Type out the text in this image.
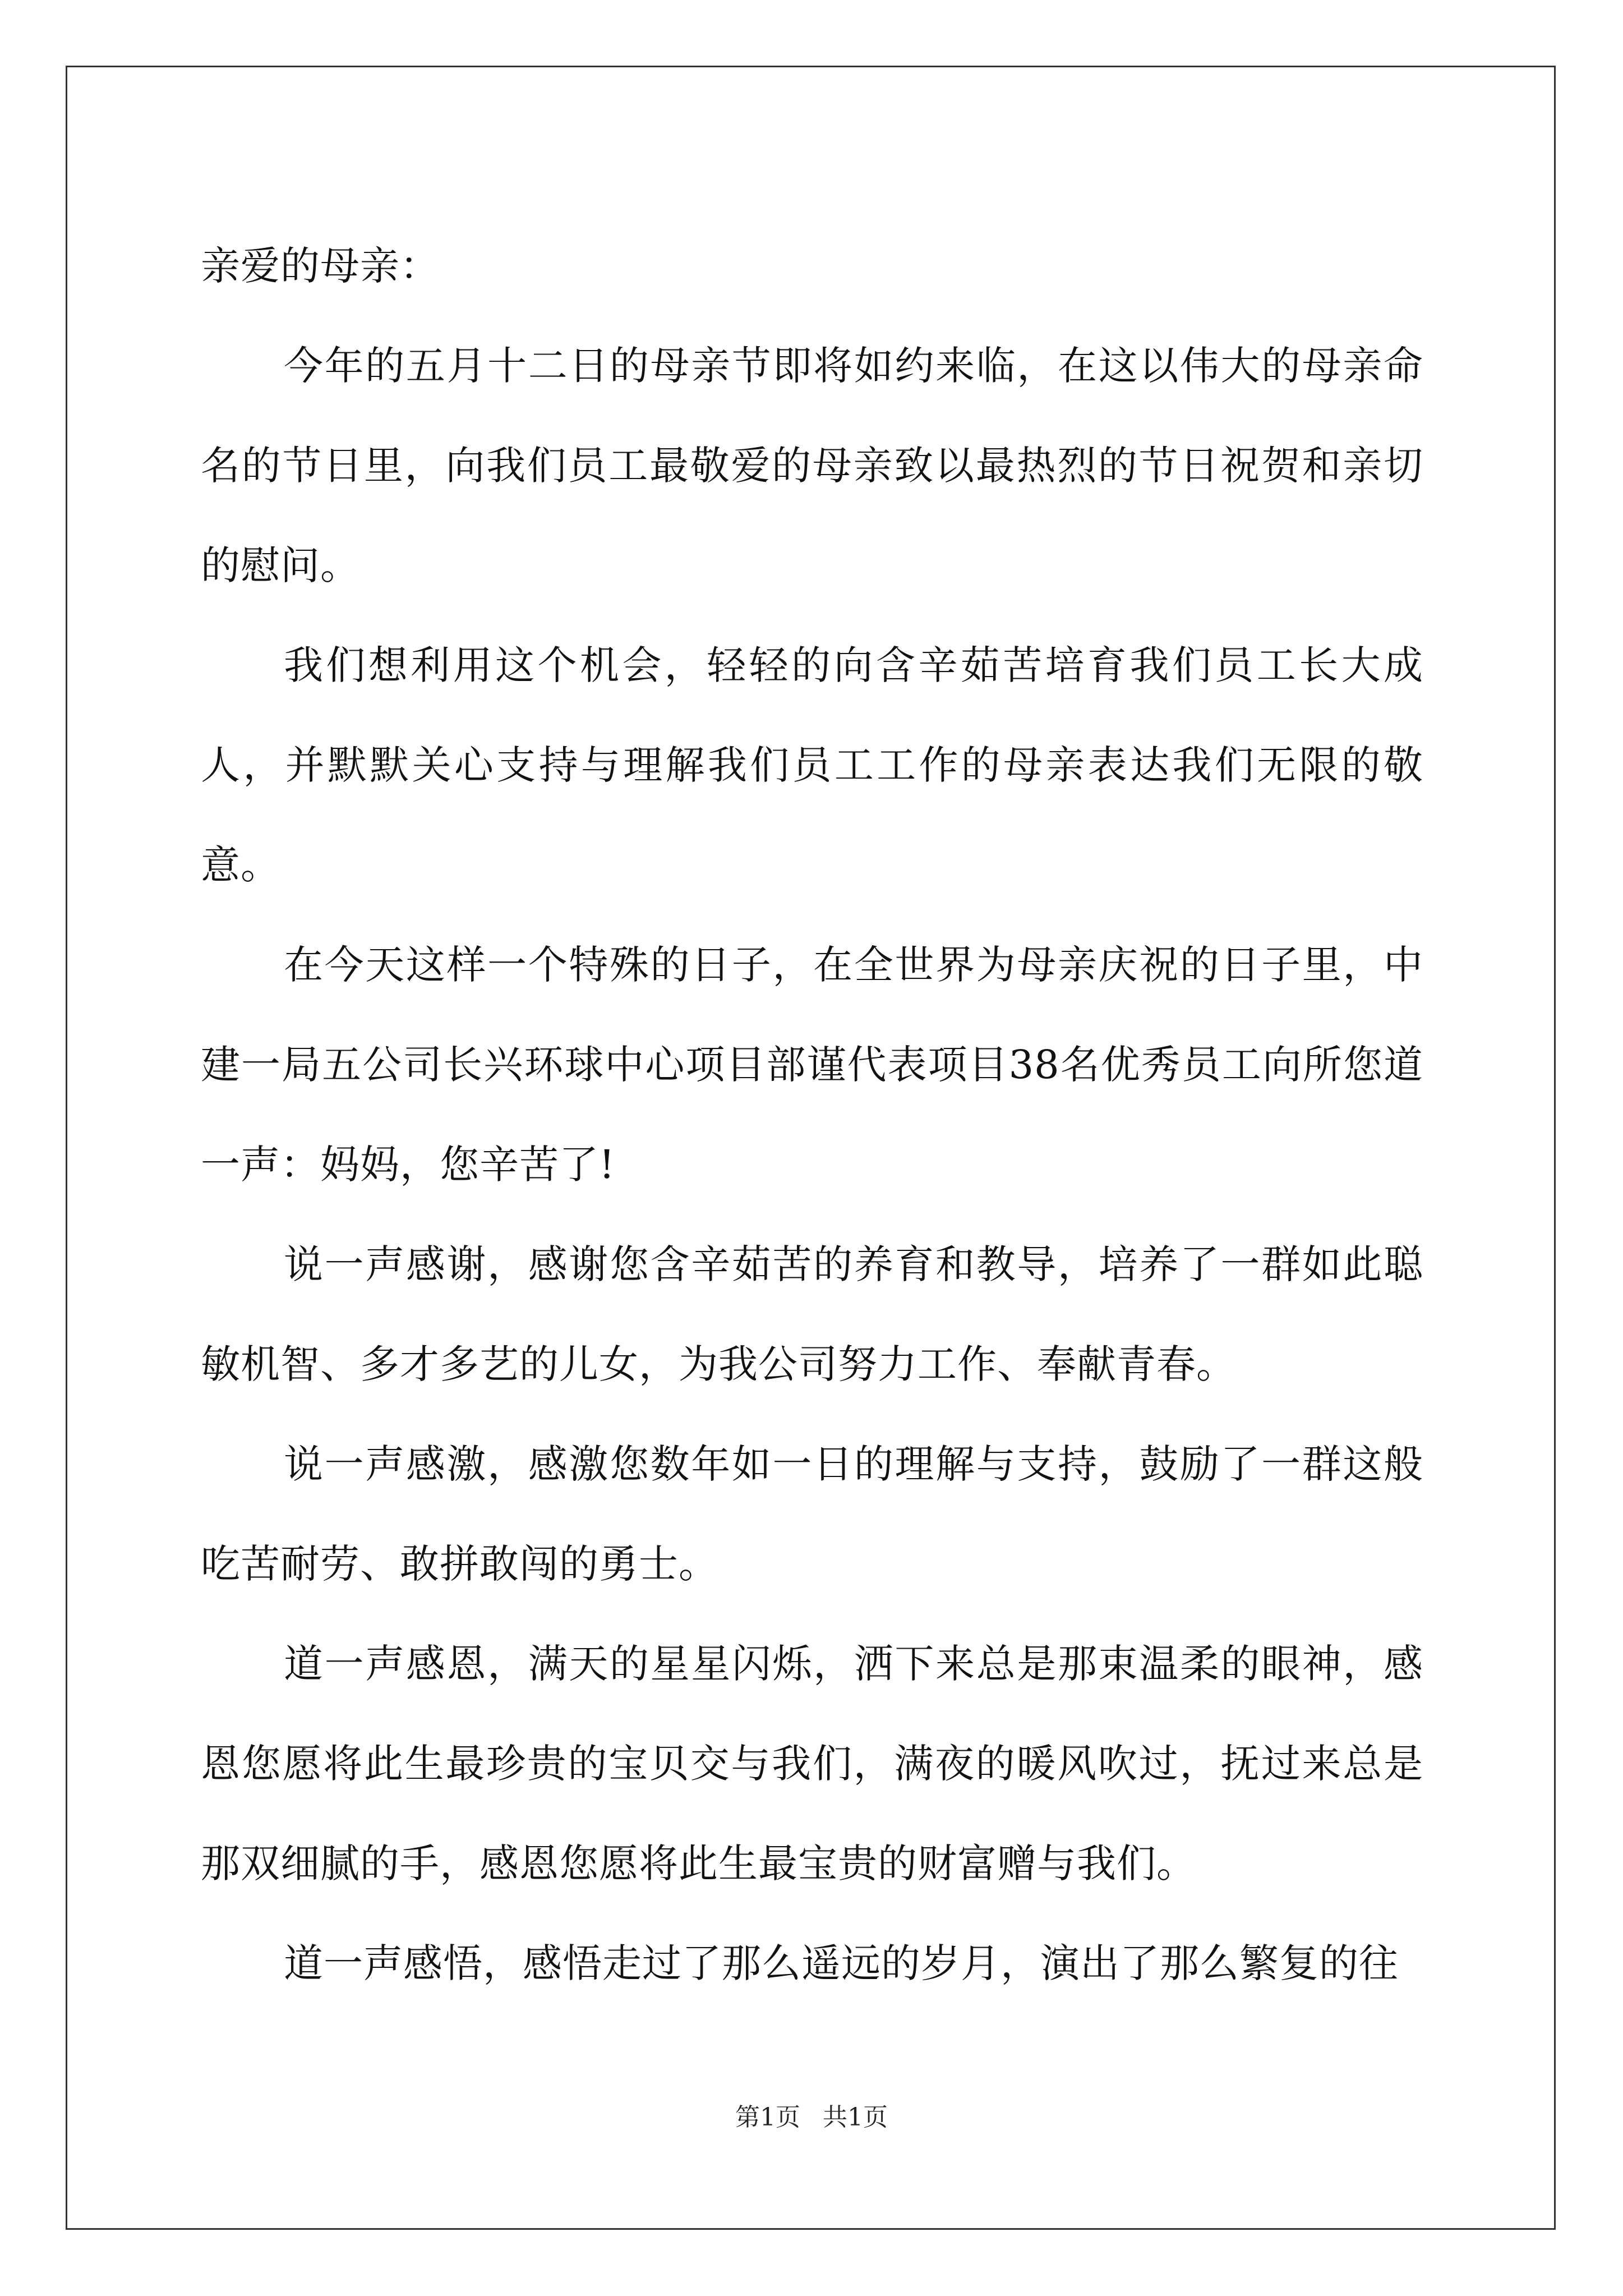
亲爱的母亲：

今年的五月十二日的母亲节即将如约来临，在这以伟大的母亲命名的节日里，向我们员工最敬爱的母亲致以最热烈的节日祝贺和亲切的慰问。

我们想利用这个机会，轻轻的向含辛茹苦培育我们员工长大成人，并默默关心支持与理解我们员工工作的母亲表达我们无限的敬意。

在今天这样一个特殊的日子，在全世界为母亲庆祝的日子里，中建一局五公司长兴环球中心项目部谨代表项目38名优秀员工向所您道一声：妈妈，您辛苦了!

说一声感谢，感谢您含辛茹苦的养育和教导，培养了一群如此聪敏机智、多才多艺的儿女，为我公司努力工作、奉献青春。

说一声感激，感激您数年如一日的理解与支持，鼓励了一群这般吃苦耐劳、敢拼敢闯的勇士。

道一声感恩，满天的星星闪烁，洒下来总是那束温柔的眼神，感恩您愿将此生最珍贵的宝贝交与我们，满夜的暖风吹过，抚过来总是那双细腻的手，感恩您愿将此生最宝贵的财富赠与我们。

道一声感悟，感悟走过了那么遥远的岁月，演出了那么繁复的往

第1页 共1页
